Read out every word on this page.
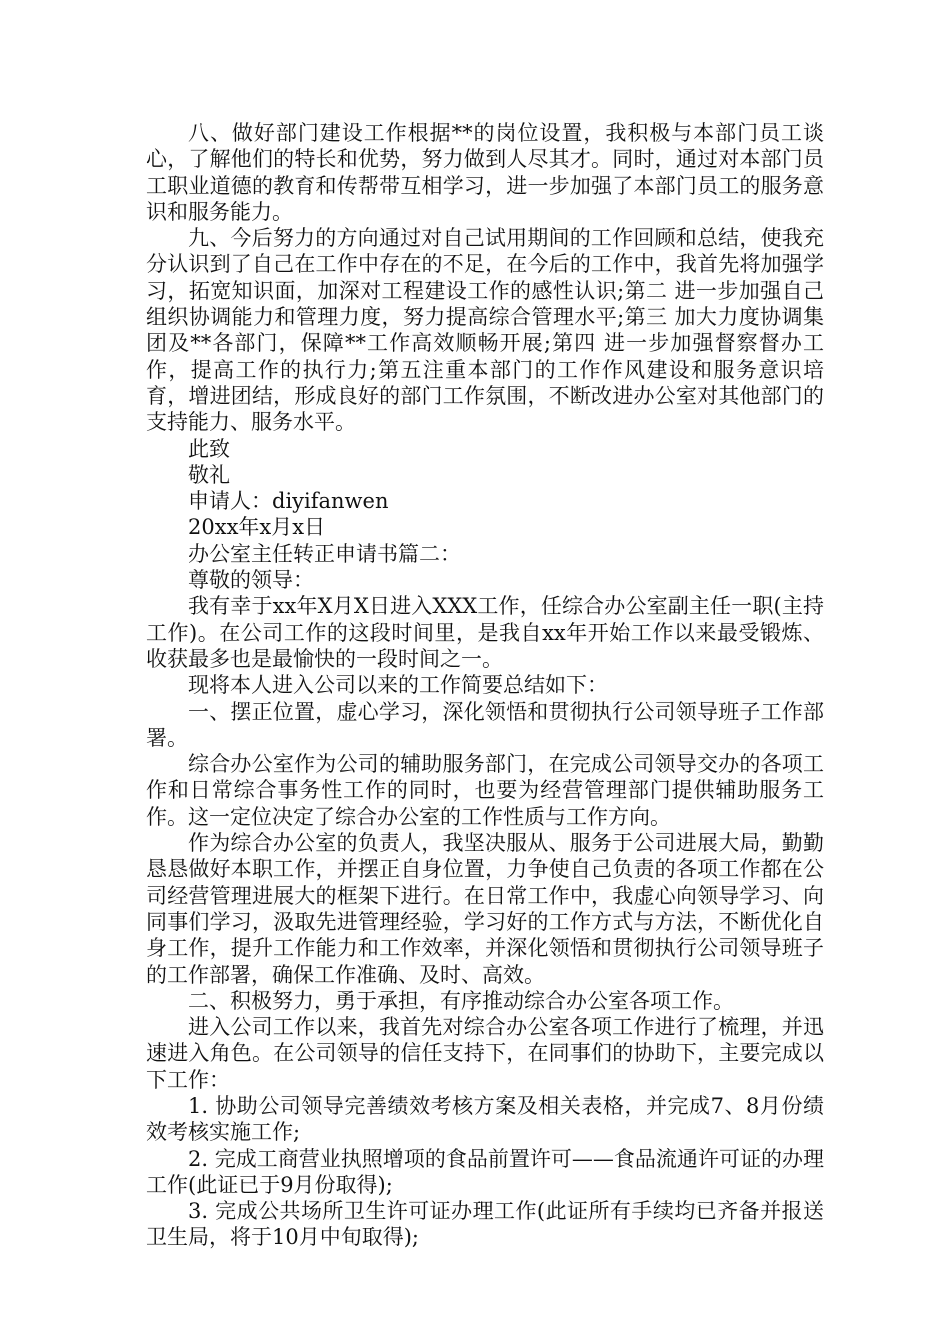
八、做好部门建设工作根据**的岗位设置，我积极与本部门员工谈心，了解他们的特长和优势，努力做到人尽其才。同时，通过对本部门员工职业道德的教育和传帮带互相学习，进一步加强了本部门员工的服务意识和服务能力。

九、今后努力的方向通过对自己试用期间的工作回顾和总结，使我充分认识到了自己在工作中存在的不足，在今后的工作中，我首先将加强学习，拓宽知识面，加深对工程建设工作的感性认识;第二 进一步加强自己组织协调能力和管理力度，努力提高综合管理水平;第三 加大力度协调集团及**各部门，保障**工作高效顺畅开展;第四 进一步加强督察督办工作，提高工作的执行力;第五注重本部门的工作作风建设和服务意识培育，增进团结，形成良好的部门工作氛围，不断改进办公室对其他部门的支持能力、服务水平。

此致

敬礼

申请人：diyifanwen

20xx年x月x日

办公室主任转正申请书篇二：

尊敬的领导：

我有幸于xx年X月X日进入XXX工作，任综合办公室副主任一职(主持工作)。在公司工作的这段时间里，是我自xx年开始工作以来最受锻炼、收获最多也是最愉快的一段时间之一。

现将本人进入公司以来的工作简要总结如下：

一、摆正位置，虚心学习，深化领悟和贯彻执行公司领导班子工作部署。

综合办公室作为公司的辅助服务部门，在完成公司领导交办的各项工作和日常综合事务性工作的同时，也要为经营管理部门提供辅助服务工作。这一定位决定了综合办公室的工作性质与工作方向。

作为综合办公室的负责人，我坚决服从、服务于公司进展大局，勤勤恳恳做好本职工作，并摆正自身位置，力争使自己负责的各项工作都在公司经营管理进展大的框架下进行。在日常工作中，我虚心向领导学习、向同事们学习，汲取先进管理经验，学习好的工作方式与方法，不断优化自身工作，提升工作能力和工作效率，并深化领悟和贯彻执行公司领导班子的工作部署，确保工作准确、及时、高效。

二、积极努力，勇于承担，有序推动综合办公室各项工作。

进入公司工作以来，我首先对综合办公室各项工作进行了梳理，并迅速进入角色。在公司领导的信任支持下，在同事们的协助下，主要完成以下工作：

1. 协助公司领导完善绩效考核方案及相关表格，并完成7、8月份绩效考核实施工作;

2. 完成工商营业执照增项的食品前置许可——食品流通许可证的办理工作(此证已于9月份取得);

3. 完成公共场所卫生许可证办理工作(此证所有手续均已齐备并报送卫生局，将于10月中旬取得);
